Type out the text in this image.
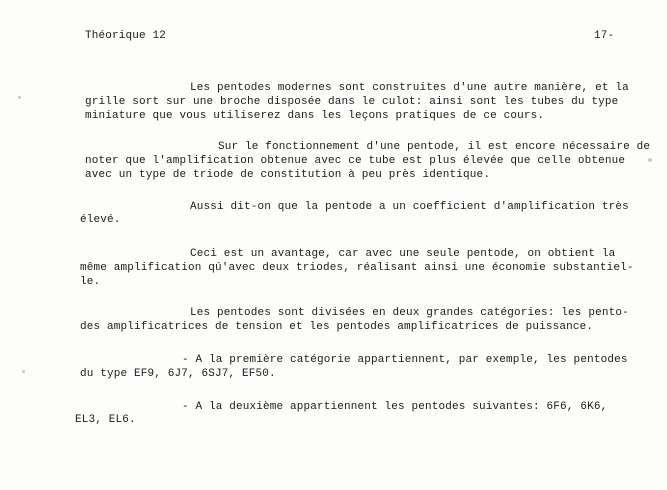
Théorique 12	17-
Les pentodes modernes sont construites d'une autre manière, et la
grille sort sur une broche disposée dans le culot: ainsi sont les tubes du type
miniature que vous utiliserez dans les leçons pratiques de ce cours.
Sur le fonctionnement d'une pentode, il est encore nécessaire de
noter que l'amplification obtenue avec ce tube est plus élevée que celle obtenue
avec un type de triode de constitution à peu près identique.
Aussi dit-on que la pentode a un coefficient d'amplification très
élevé.
Ceci est un avantage, car avec une seule pentode, on obtient la
même amplification qú'avec deux triodes, réalisant ainsi une économie substantiel-
le.
Les pentodes sont divisées en deux grandes catégories: les pento-
des amplificatrices de tension et les pentodes amplificatrices de puissance.
- A la première catégorie appartiennent, par exemple, les pentodes
du type EF9, 6J7, 6SJ7, EF50.
- A la deuxième appartiennent les pentodes suivantes: 6F6, 6K6,
EL3, EL6.
